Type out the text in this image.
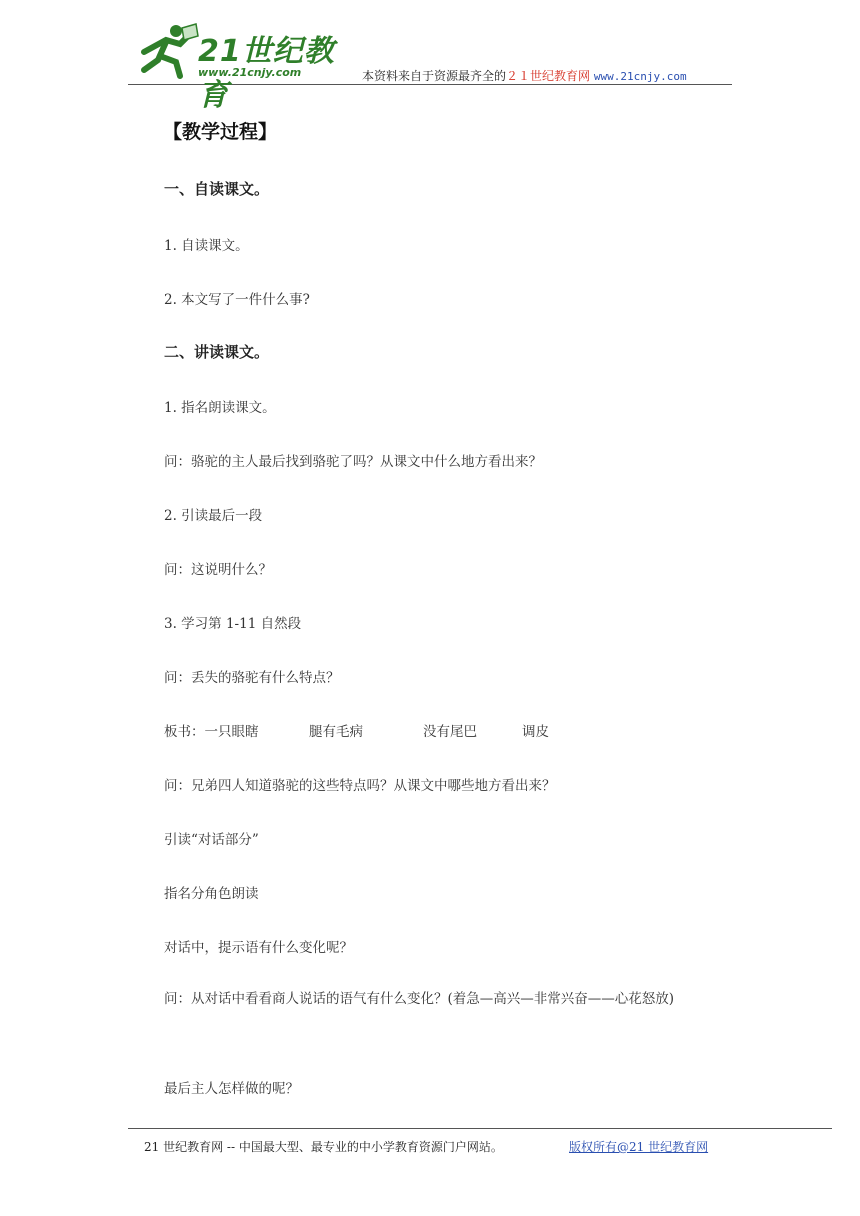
21世纪教育
www.21cnjy.com	本资料来自于资源最齐全的２１世纪教育网 www.21cnjy.com
【教学过程】
一、自读课文。
1. 自读课文。
2. 本文写了一件什么事?
二、讲读课文。
1. 指名朗读课文。
问：骆驼的主人最后找到骆驼了吗？从课文中什么地方看出来？
2. 引读最后一段
问：这说明什么？
3. 学习第 1-11 自然段
问：丢失的骆驼有什么特点？
板书：一只眼瞎	腿有毛病	没有尾巴	调皮
问：兄弟四人知道骆驼的这些特点吗？从课文中哪些地方看出来？
引读“对话部分”
指名分角色朗读
对话中，提示语有什么变化呢？
问：从对话中看看商人说话的语气有什么变化？(着急—高兴—非常兴奋——心花怒放)
最后主人怎样做的呢？
21 世纪教育网 -- 中国最大型、最专业的中小学教育资源门户网站。	版权所有@21 世纪教育网
